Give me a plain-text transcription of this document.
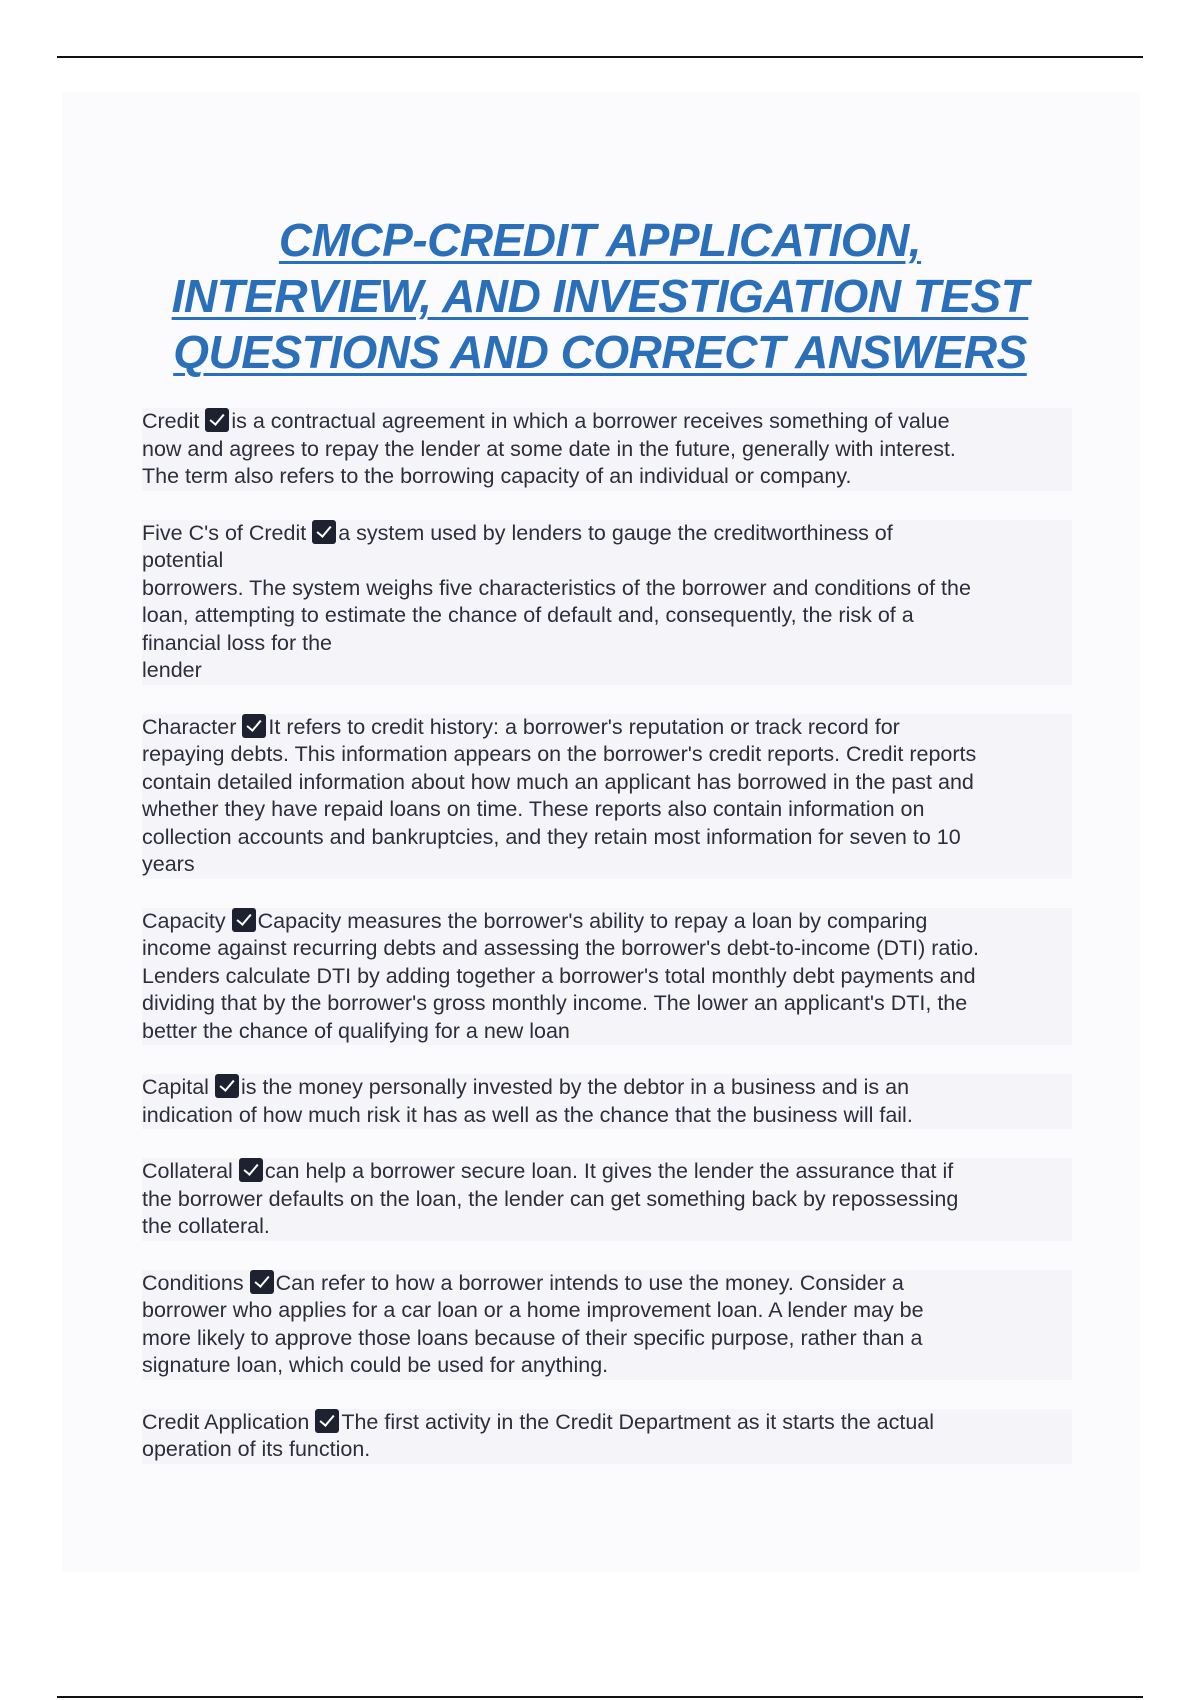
CMCP-CREDIT APPLICATION,
INTERVIEW, AND INVESTIGATION TEST
QUESTIONS AND CORRECT ANSWERS

Credit is a contractual agreement in which a borrower receives something of value
now and agrees to repay the lender at some date in the future, generally with interest.
The term also refers to the borrowing capacity of an individual or company.

Five C's of Credit a system used by lenders to gauge the creditworthiness of
potential
borrowers. The system weighs five characteristics of the borrower and conditions of the
loan, attempting to estimate the chance of default and, consequently, the risk of a
financial loss for the
lender

Character It refers to credit history: a borrower's reputation or track record for
repaying debts. This information appears on the borrower's credit reports. Credit reports
contain detailed information about how much an applicant has borrowed in the past and
whether they have repaid loans on time. These reports also contain information on
collection accounts and bankruptcies, and they retain most information for seven to 10
years

Capacity Capacity measures the borrower's ability to repay a loan by comparing
income against recurring debts and assessing the borrower's debt-to-income (DTI) ratio.
Lenders calculate DTI by adding together a borrower's total monthly debt payments and
dividing that by the borrower's gross monthly income. The lower an applicant's DTI, the
better the chance of qualifying for a new loan

Capital is the money personally invested by the debtor in a business and is an
indication of how much risk it has as well as the chance that the business will fail.

Collateral can help a borrower secure loan. It gives the lender the assurance that if
the borrower defaults on the loan, the lender can get something back by repossessing
the collateral.

Conditions Can refer to how a borrower intends to use the money. Consider a
borrower who applies for a car loan or a home improvement loan. A lender may be
more likely to approve those loans because of their specific purpose, rather than a
signature loan, which could be used for anything.

Credit Application The first activity in the Credit Department as it starts the actual
operation of its function.
